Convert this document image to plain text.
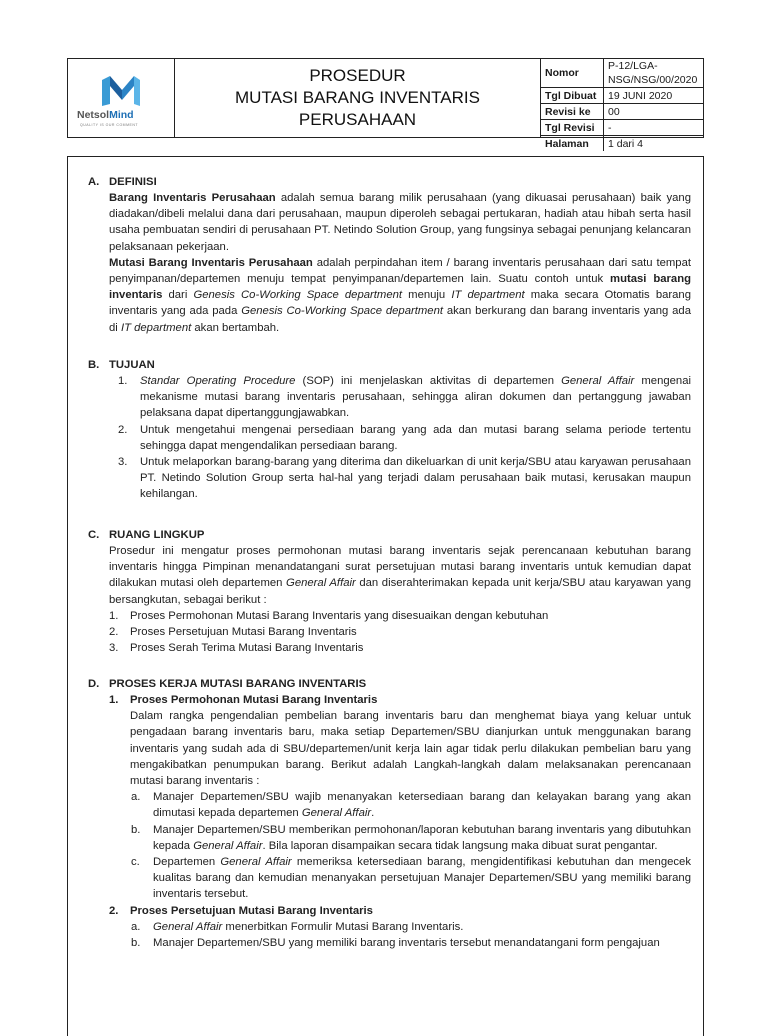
NetsolMind
QUALITY IS OUR COMMENT
PROSEDUR
MUTASI BARANG INVENTARIS
PERUSAHAAN
Nomor	P-12/LGA-NSG/NSG/00/2020
Tgl Dibuat	19 JUNI 2020
Revisi ke	00
Tgl Revisi	-
Halaman	1 dari 4
A. DEFINISI
Barang Inventaris Perusahaan adalah semua barang milik perusahaan (yang dikuasai perusahaan) baik yang diadakan/dibeli melalui dana dari perusahaan, maupun diperoleh sebagai pertukaran, hadiah atau hibah serta hasil usaha pembuatan sendiri di perusahaan PT. Netindo Solution Group, yang fungsinya sebagai penunjang kelancaran pelaksanaan pekerjaan.
Mutasi Barang Inventaris Perusahaan adalah perpindahan item / barang inventaris perusahaan dari satu tempat penyimpanan/departemen menuju tempat penyimpanan/departemen lain. Suatu contoh untuk mutasi barang inventaris dari Genesis Co-Working Space department menuju IT department maka secara Otomatis barang inventaris yang ada pada Genesis Co-Working Space department akan berkurang dan barang inventaris yang ada di IT department akan bertambah.
B. TUJUAN
1. Standar Operating Procedure (SOP) ini menjelaskan aktivitas di departemen General Affair mengenai mekanisme mutasi barang inventaris perusahaan, sehingga aliran dokumen dan pertanggung jawaban pelaksana dapat dipertanggungjawabkan.
2. Untuk mengetahui mengenai persediaan barang yang ada dan mutasi barang selama periode tertentu sehingga dapat mengendalikan persediaan barang.
3. Untuk melaporkan barang-barang yang diterima dan dikeluarkan di unit kerja/SBU atau karyawan perusahaan PT. Netindo Solution Group serta hal-hal yang terjadi dalam perusahaan baik mutasi, kerusakan maupun kehilangan.
C. RUANG LINGKUP
Prosedur ini mengatur proses permohonan mutasi barang inventaris sejak perencanaan kebutuhan barang inventaris hingga Pimpinan menandatangani surat persetujuan mutasi barang inventaris untuk kemudian dapat dilakukan mutasi oleh departemen General Affair dan diserahterimakan kepada unit kerja/SBU atau karyawan yang bersangkutan, sebagai berikut :
1. Proses Permohonan Mutasi Barang Inventaris yang disesuaikan dengan kebutuhan
2. Proses Persetujuan Mutasi Barang Inventaris
3. Proses Serah Terima Mutasi Barang Inventaris
D. PROSES KERJA MUTASI BARANG INVENTARIS
1. Proses Permohonan Mutasi Barang Inventaris
Dalam rangka pengendalian pembelian barang inventaris baru dan menghemat biaya yang keluar untuk pengadaan barang inventaris baru, maka setiap Departemen/SBU dianjurkan untuk menggunakan barang inventaris yang sudah ada di SBU/departemen/unit kerja lain agar tidak perlu dilakukan pembelian baru yang mengakibatkan penumpukan barang. Berikut adalah Langkah-langkah dalam melaksanakan perencanaan mutasi barang inventaris :
a. Manajer Departemen/SBU wajib menanyakan ketersediaan barang dan kelayakan barang yang akan dimutasi kepada departemen General Affair.
b. Manajer Departemen/SBU memberikan permohonan/laporan kebutuhan barang inventaris yang dibutuhkan kepada General Affair. Bila laporan disampaikan secara tidak langsung maka dibuat surat pengantar.
c. Departemen General Affair memeriksa ketersediaan barang, mengidentifikasi kebutuhan dan mengecek kualitas barang dan kemudian menanyakan persetujuan Manajer Departemen/SBU yang memiliki barang inventaris tersebut.
2. Proses Persetujuan Mutasi Barang Inventaris
a. General Affair menerbitkan Formulir Mutasi Barang Inventaris.
b. Manajer Departemen/SBU yang memiliki barang inventaris tersebut menandatangani form pengajuan
